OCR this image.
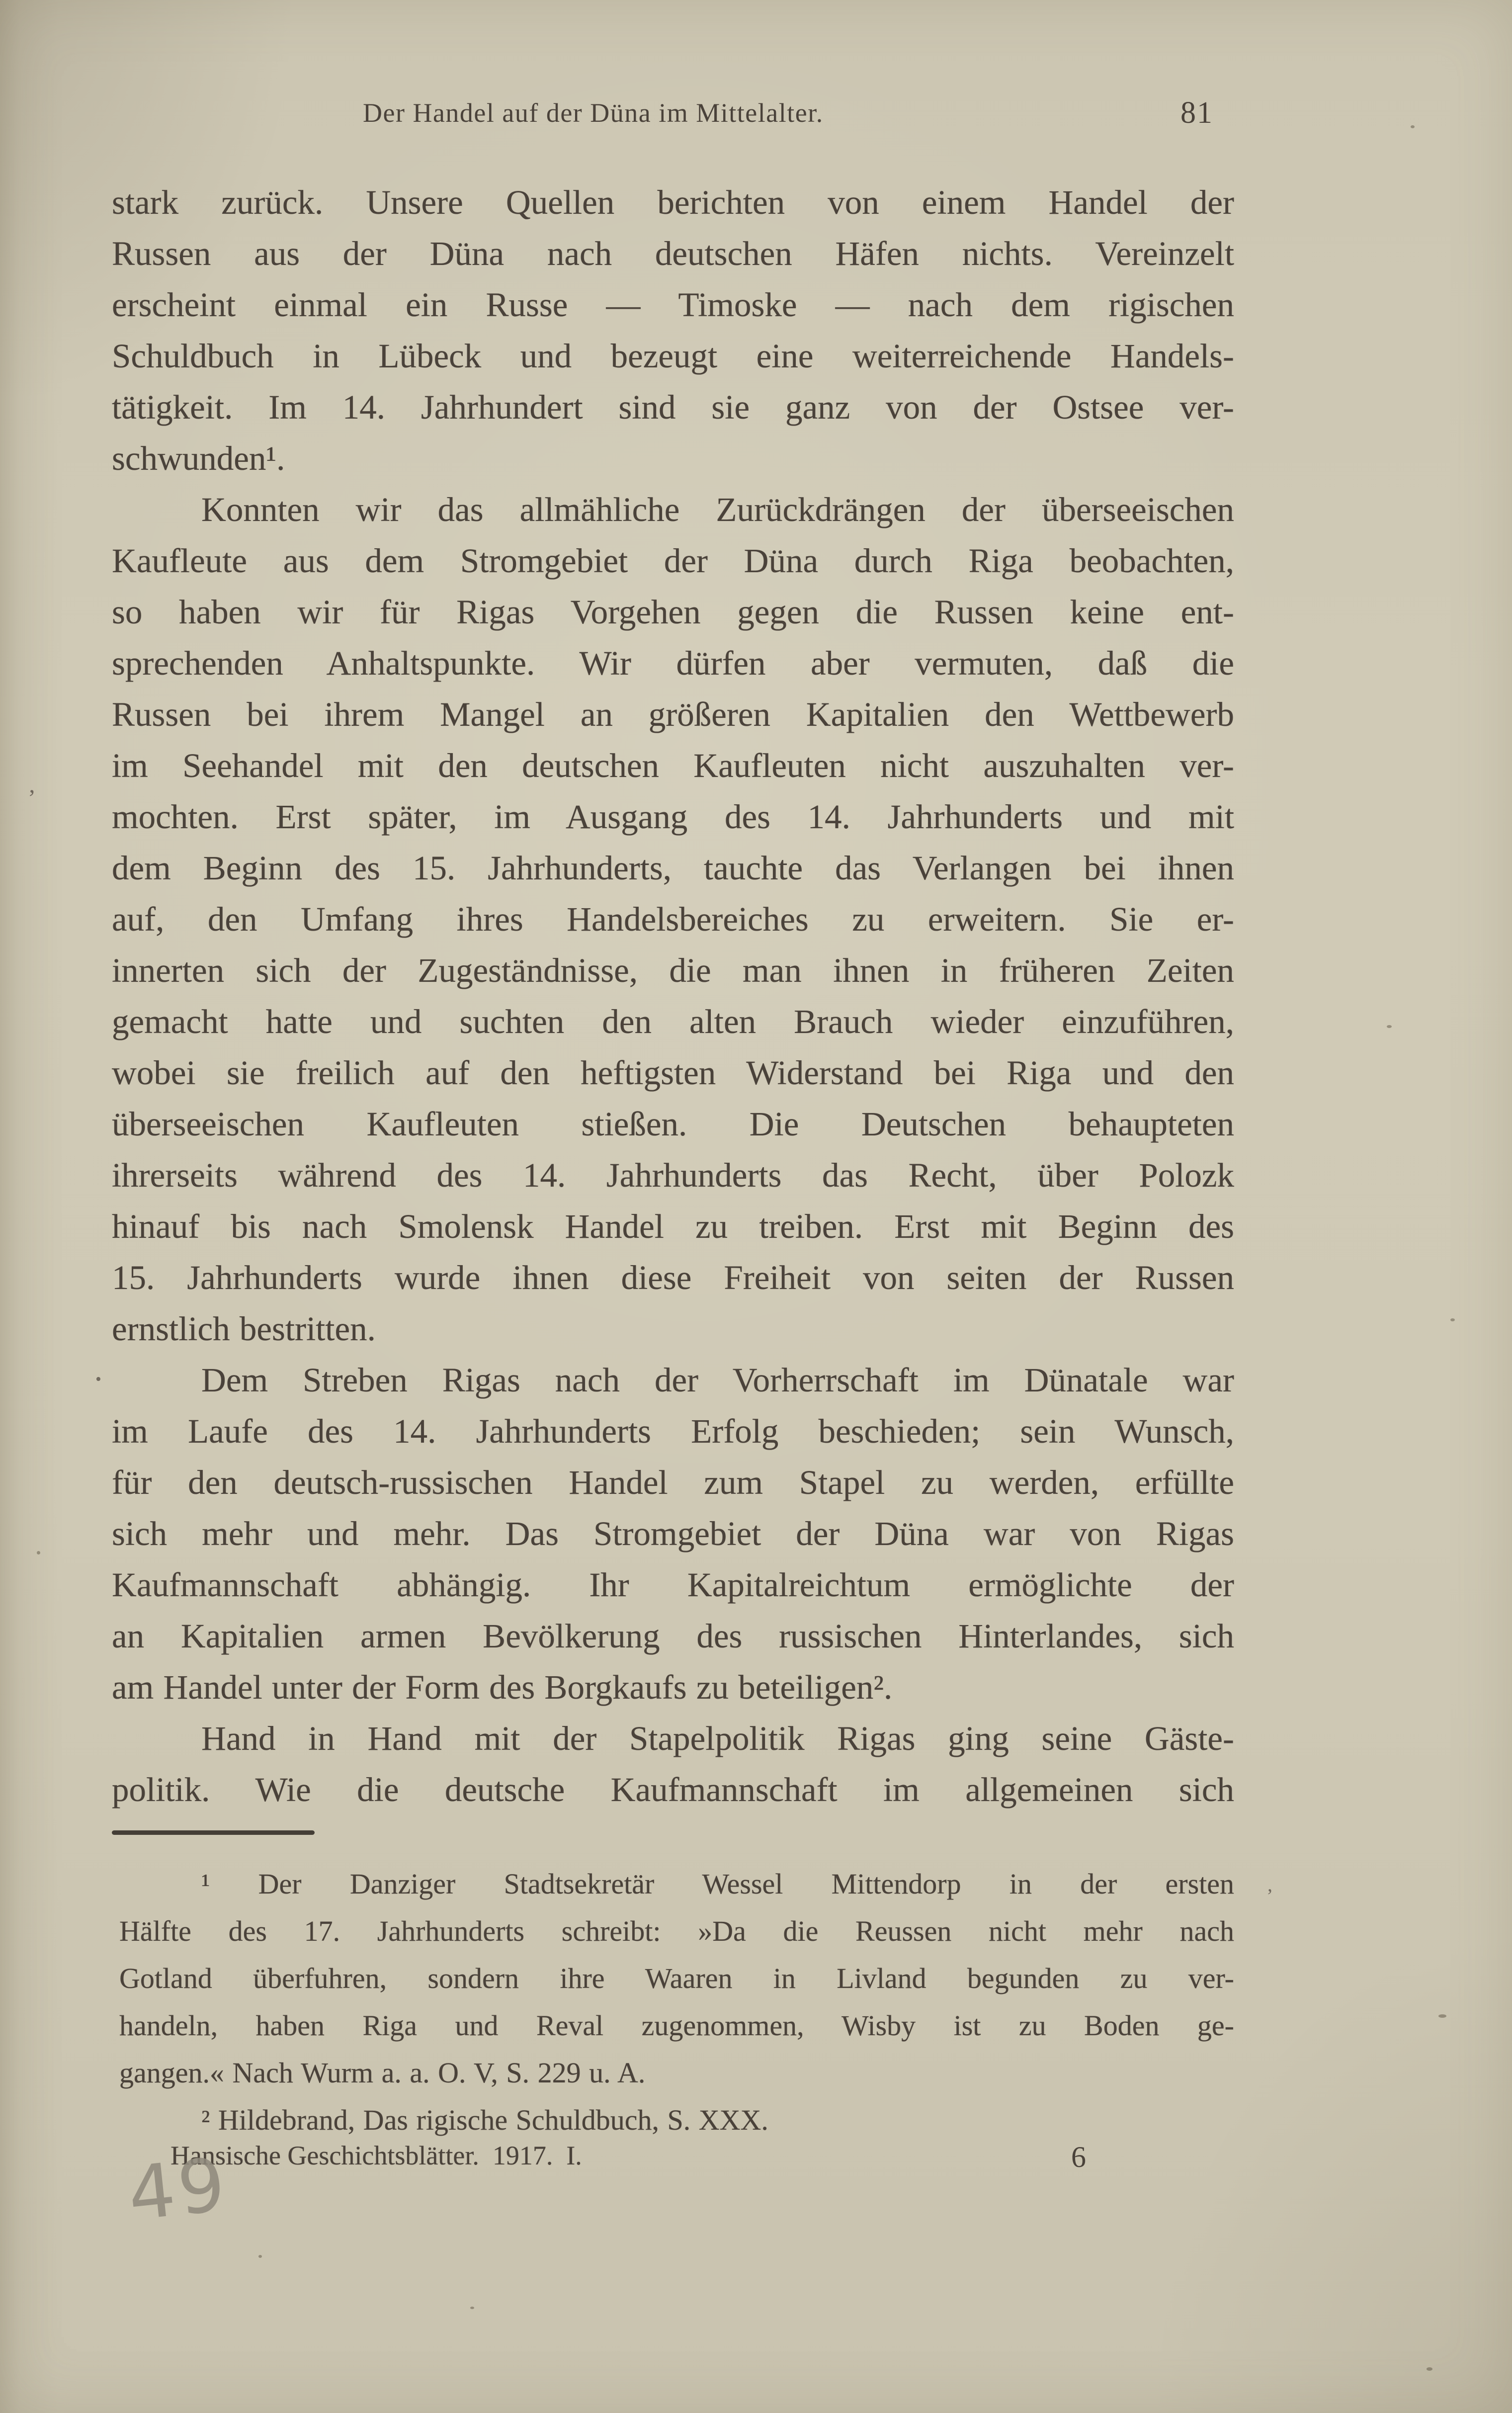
Der Handel auf der Düna im Mittelalter.	81
stark zurück. Unsere Quellen berichten von einem Handel der
Russen aus der Düna nach deutschen Häfen nichts. Vereinzelt
erscheint einmal ein Russe — Timoske — nach dem rigischen
Schuldbuch in Lübeck und bezeugt eine weiterreichende Handels-
tätigkeit. Im 14. Jahrhundert sind sie ganz von der Ostsee ver-
schwunden¹.
Konnten wir das allmähliche Zurückdrängen der überseeischen
Kaufleute aus dem Stromgebiet der Düna durch Riga beobachten,
so haben wir für Rigas Vorgehen gegen die Russen keine ent-
sprechenden Anhaltspunkte. Wir dürfen aber vermuten, daß die
Russen bei ihrem Mangel an größeren Kapitalien den Wettbewerb
im Seehandel mit den deutschen Kaufleuten nicht auszuhalten ver-
mochten. Erst später, im Ausgang des 14. Jahrhunderts und mit
dem Beginn des 15. Jahrhunderts, tauchte das Verlangen bei ihnen
auf, den Umfang ihres Handelsbereiches zu erweitern. Sie er-
innerten sich der Zugeständnisse, die man ihnen in früheren Zeiten
gemacht hatte und suchten den alten Brauch wieder einzuführen,
wobei sie freilich auf den heftigsten Widerstand bei Riga und den
überseeischen Kaufleuten stießen. Die Deutschen behaupteten
ihrerseits während des 14. Jahrhunderts das Recht, über Polozk
hinauf bis nach Smolensk Handel zu treiben. Erst mit Beginn des
15. Jahrhunderts wurde ihnen diese Freiheit von seiten der Russen
ernstlich bestritten.
Dem Streben Rigas nach der Vorherrschaft im Dünatale war
im Laufe des 14. Jahrhunderts Erfolg beschieden; sein Wunsch,
für den deutsch-russischen Handel zum Stapel zu werden, erfüllte
sich mehr und mehr. Das Stromgebiet der Düna war von Rigas
Kaufmannschaft abhängig. Ihr Kapitalreichtum ermöglichte der
an Kapitalien armen Bevölkerung des russischen Hinterlandes, sich
am Handel unter der Form des Borgkaufs zu beteiligen².
Hand in Hand mit der Stapelpolitik Rigas ging seine Gäste-
politik. Wie die deutsche Kaufmannschaft im allgemeinen sich
¹ Der Danziger Stadtsekretär Wessel Mittendorp in der ersten
Hälfte des 17. Jahrhunderts schreibt: »Da die Reussen nicht mehr nach
Gotland überfuhren, sondern ihre Waaren in Livland begunden zu ver-
handeln, haben Riga und Reval zugenommen, Wisby ist zu Boden ge-
gangen.« Nach Wurm a. a. O. V, S. 229 u. A.
² Hildebrand, Das rigische Schuldbuch, S. XXX.
Hansische Geschichtsblätter.  1917.  I.	6
49
’
•
’
